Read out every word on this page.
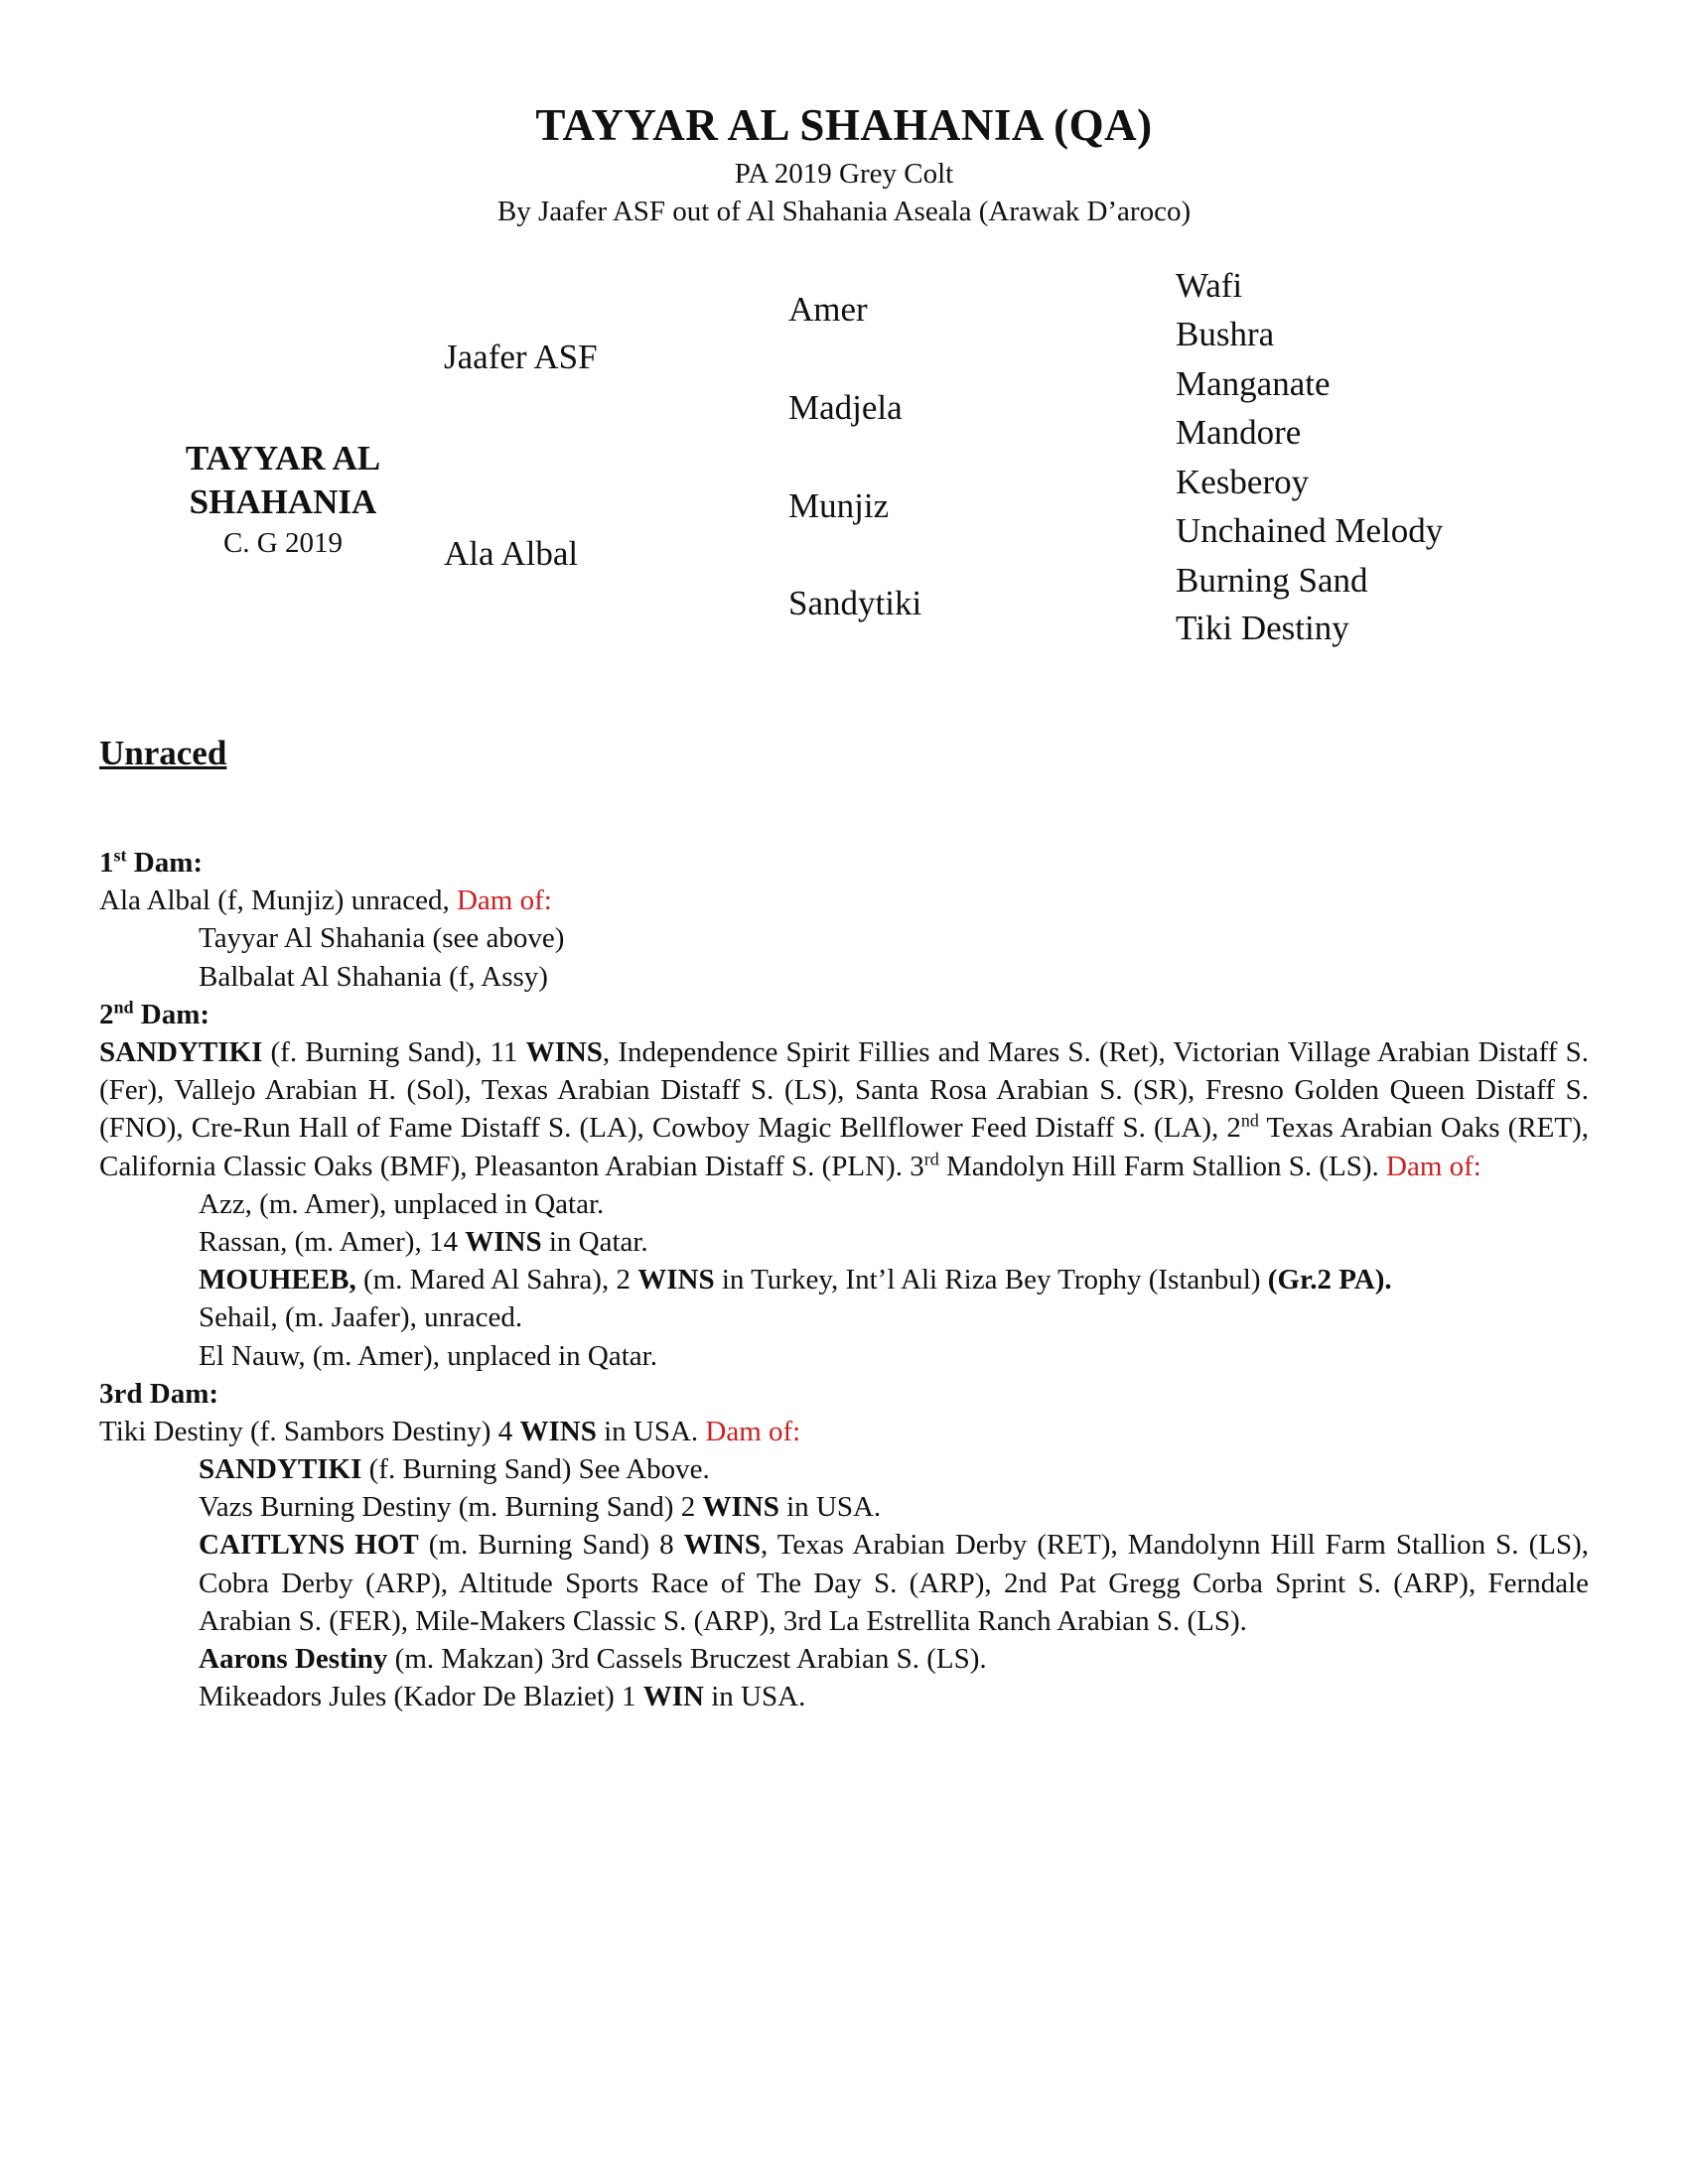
TAYYAR AL SHAHANIA (QA)
PA 2019 Grey Colt
By Jaafer ASF out of Al Shahania Aseala (Arawak D’aroco)
TAYYAR AL
SHAHANIA
C. G 2019
Jaafer ASF
Ala Albal
Amer
Madjela
Munjiz
Sandytiki
Wafi
Bushra
Manganate
Mandore
Kesberoy
Unchained Melody
Burning Sand
Tiki Destiny
Unraced
1st Dam:
Ala Albal (f, Munjiz) unraced, Dam of:
Tayyar Al Shahania (see above)
Balbalat Al Shahania (f, Assy)
2nd Dam:
SANDYTIKI (f. Burning Sand), 11 WINS, Independence Spirit Fillies and Mares S. (Ret), Victorian Village Arabian Distaff S. (Fer), Vallejo Arabian H. (Sol), Texas Arabian Distaff S. (LS), Santa Rosa Arabian S. (SR), Fresno Golden Queen Distaff S. (FNO), Cre-Run Hall of Fame Distaff S. (LA), Cowboy Magic Bellflower Feed Distaff S. (LA), 2nd Texas Arabian Oaks (RET), California Classic Oaks (BMF), Pleasanton Arabian Distaff S. (PLN). 3rd Mandolyn Hill Farm Stallion S. (LS). Dam of:
Azz, (m. Amer), unplaced in Qatar.
Rassan, (m. Amer), 14 WINS in Qatar.
MOUHEEB, (m. Mared Al Sahra), 2 WINS in Turkey, Int’l Ali Riza Bey Trophy (Istanbul) (Gr.2 PA).
Sehail, (m. Jaafer), unraced.
El Nauw, (m. Amer), unplaced in Qatar.
3rd Dam:
Tiki Destiny (f. Sambors Destiny) 4 WINS in USA. Dam of:
SANDYTIKI (f. Burning Sand) See Above.
Vazs Burning Destiny (m. Burning Sand) 2 WINS in USA.
CAITLYNS HOT (m. Burning Sand) 8 WINS, Texas Arabian Derby (RET), Mandolynn Hill Farm Stallion S. (LS), Cobra Derby (ARP), Altitude Sports Race of The Day S. (ARP), 2nd Pat Gregg Corba Sprint S. (ARP), Ferndale Arabian S. (FER), Mile-Makers Classic S. (ARP), 3rd La Estrellita Ranch Arabian S. (LS).
Aarons Destiny (m. Makzan) 3rd Cassels Bruczest Arabian S. (LS).
Mikeadors Jules (Kador De Blaziet) 1 WIN in USA.
